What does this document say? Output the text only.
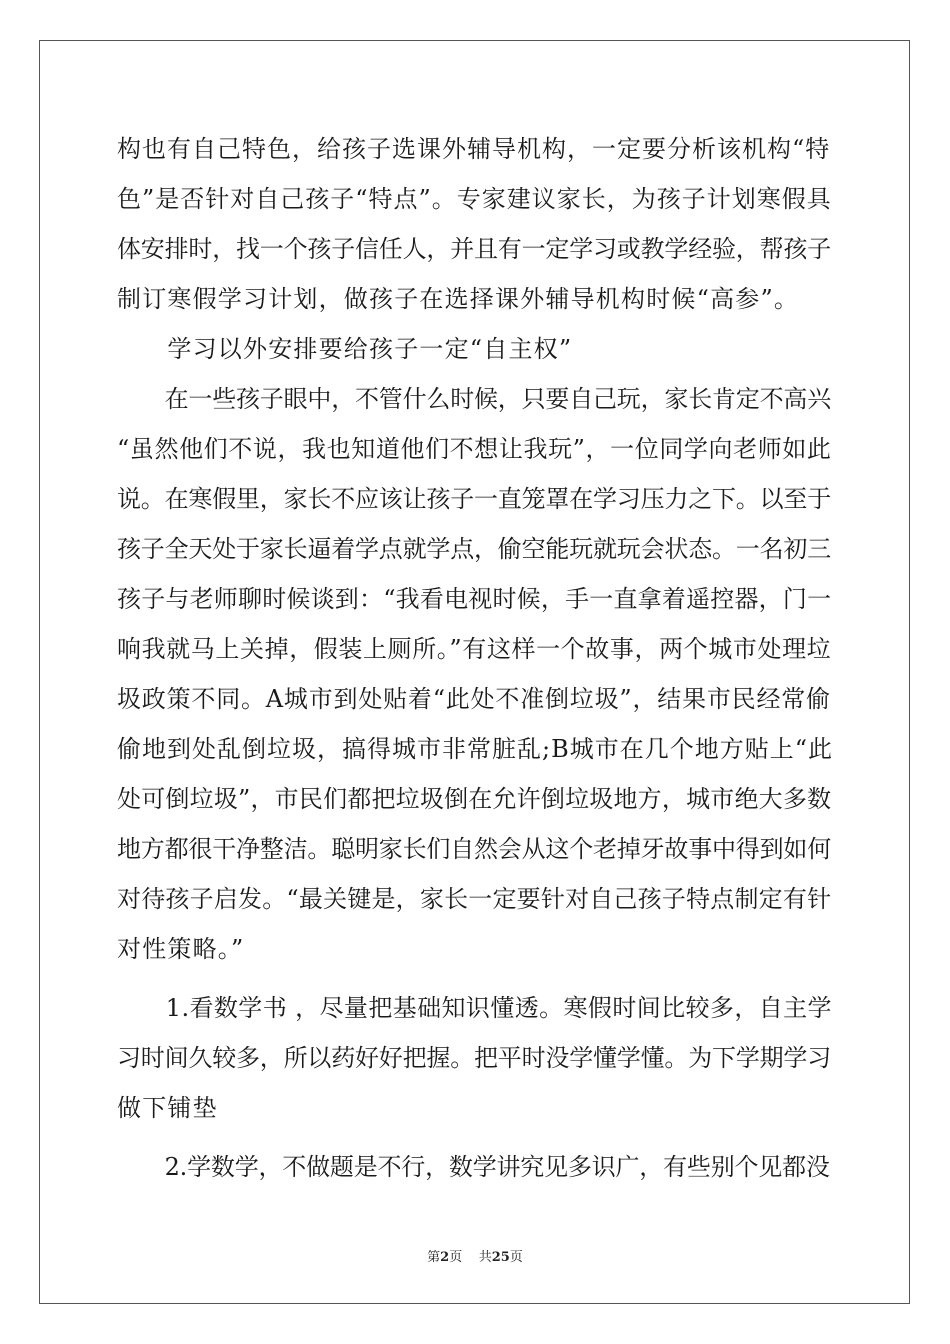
构也有自己特色，给孩子选课外辅导机构，一定要分析该机构“特
色”是否针对自己孩子“特点”。专家建议家长，为孩子计划寒假具
体安排时，找一个孩子信任人，并且有一定学习或教学经验，帮孩子
制订寒假学习计划，做孩子在选择课外辅导机构时候“高参”。
　　学习以外安排要给孩子一定“自主权”
　　在一些孩子眼中，不管什么时候，只要自己玩，家长肯定不高兴
“虽然他们不说，我也知道他们不想让我玩”，一位同学向老师如此
说。在寒假里，家长不应该让孩子一直笼罩在学习压力之下。以至于
孩子全天处于家长逼着学点就学点，偷空能玩就玩会状态。一名初三
孩子与老师聊时候谈到：“我看电视时候，手一直拿着遥控器，门一
响我就马上关掉，假装上厕所。”有这样一个故事，两个城市处理垃
圾政策不同。A城市到处贴着“此处不准倒垃圾”，结果市民经常偷
偷地到处乱倒垃圾，搞得城市非常脏乱;B城市在几个地方贴上“此
处可倒垃圾”，市民们都把垃圾倒在允许倒垃圾地方，城市绝大多数
地方都很干净整洁。聪明家长们自然会从这个老掉牙故事中得到如何
对待孩子启发。“最关键是，家长一定要针对自己孩子特点制定有针
对性策略。”
　　1.看数学书 ，尽量把基础知识懂透。寒假时间比较多，自主学
习时间久较多，所以药好好把握。把平时没学懂学懂。为下学期学习
做下铺垫
　　2.学数学，不做题是不行，数学讲究见多识广，有些别个见都没
第2页 共25页
